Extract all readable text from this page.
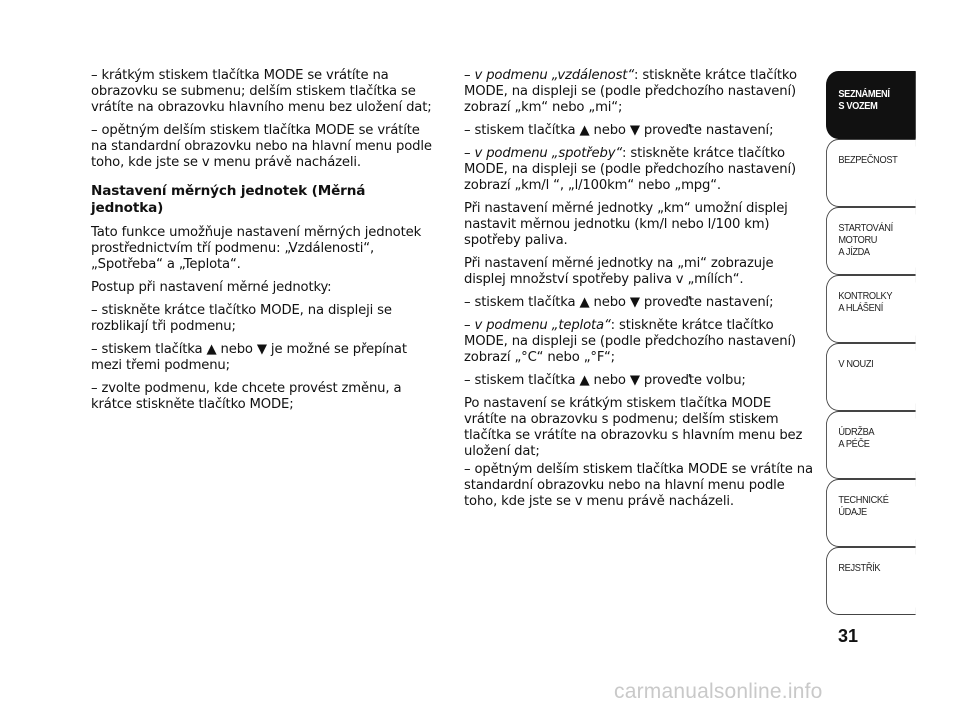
– krátkým stiskem tlačítka MODE se vrátíte na obrazovku se submenu; delším stiskem tlačítka se vrátíte na obrazovku hlavního menu bez uložení dat;

– opětným delším stiskem tlačítka MODE se vrátíte na standardní obrazovku nebo na hlavní menu podle toho, kde jste se v menu právě nacházeli.

Nastavení měrných jednotek (Měrná jednotka)

Tato funkce umožňuje nastavení měrných jednotek prostřednictvím tří podmenu: „Vzdálenosti“, „Spotřeba“ a „Teplota“.

Postup při nastavení měrné jednotky:

– stiskněte krátce tlačítko MODE, na displeji se rozblikají tři podmenu;

– stiskem tlačítka ▲ nebo ▼ je možné se přepínat mezi třemi podmenu;

– zvolte podmenu, kde chcete provést změnu, a krátce stiskněte tlačítko MODE;

– v podmenu „vzdálenost“: stiskněte krátce tlačítko MODE, na displeji se (podle předchozího nastavení) zobrazí „km“ nebo „mi“;

– stiskem tlačítka ▲ nebo ▼ proveďte nastavení;

– v podmenu „spotřeby“: stiskněte krátce tlačítko MODE, na displeji se (podle předchozího nastavení) zobrazí „km/l “, „l/100km“ nebo „mpg“.

Při nastavení měrné jednotky „km“ umožní displej nastavit měrnou jednotku (km/l nebo l/100 km) spotřeby paliva.

Při nastavení měrné jednotky na „mi“ zobrazuje displej množství spotřeby paliva v „mílích“.

– stiskem tlačítka ▲ nebo ▼ proveďte nastavení;

– v podmenu „teplota“: stiskněte krátce tlačítko MODE, na displeji se (podle předchozího nastavení) zobrazí „°C“ nebo „°F“;

– stiskem tlačítka ▲ nebo ▼ proveďte volbu;

Po nastavení se krátkým stiskem tlačítka MODE vrátíte na obrazovku s podmenu; delším stiskem tlačítka se vrátíte na obrazovku s hlavním menu bez uložení dat;

– opětným delším stiskem tlačítka MODE se vrátíte na standardní obrazovku nebo na hlavní menu podle toho, kde jste se v menu právě nacházeli.

SEZNÁMENÍ
S VOZEM
BEZPEČNOST
STARTOVÁNÍ
MOTORU
A JÍZDA
KONTROLKY
A HLÁŠENÍ
V NOUZI
ÚDRŽBA
A PÉČE
TECHNICKÉ
ÚDAJE
REJSTŘÍK
31
carmanualsonline.info
